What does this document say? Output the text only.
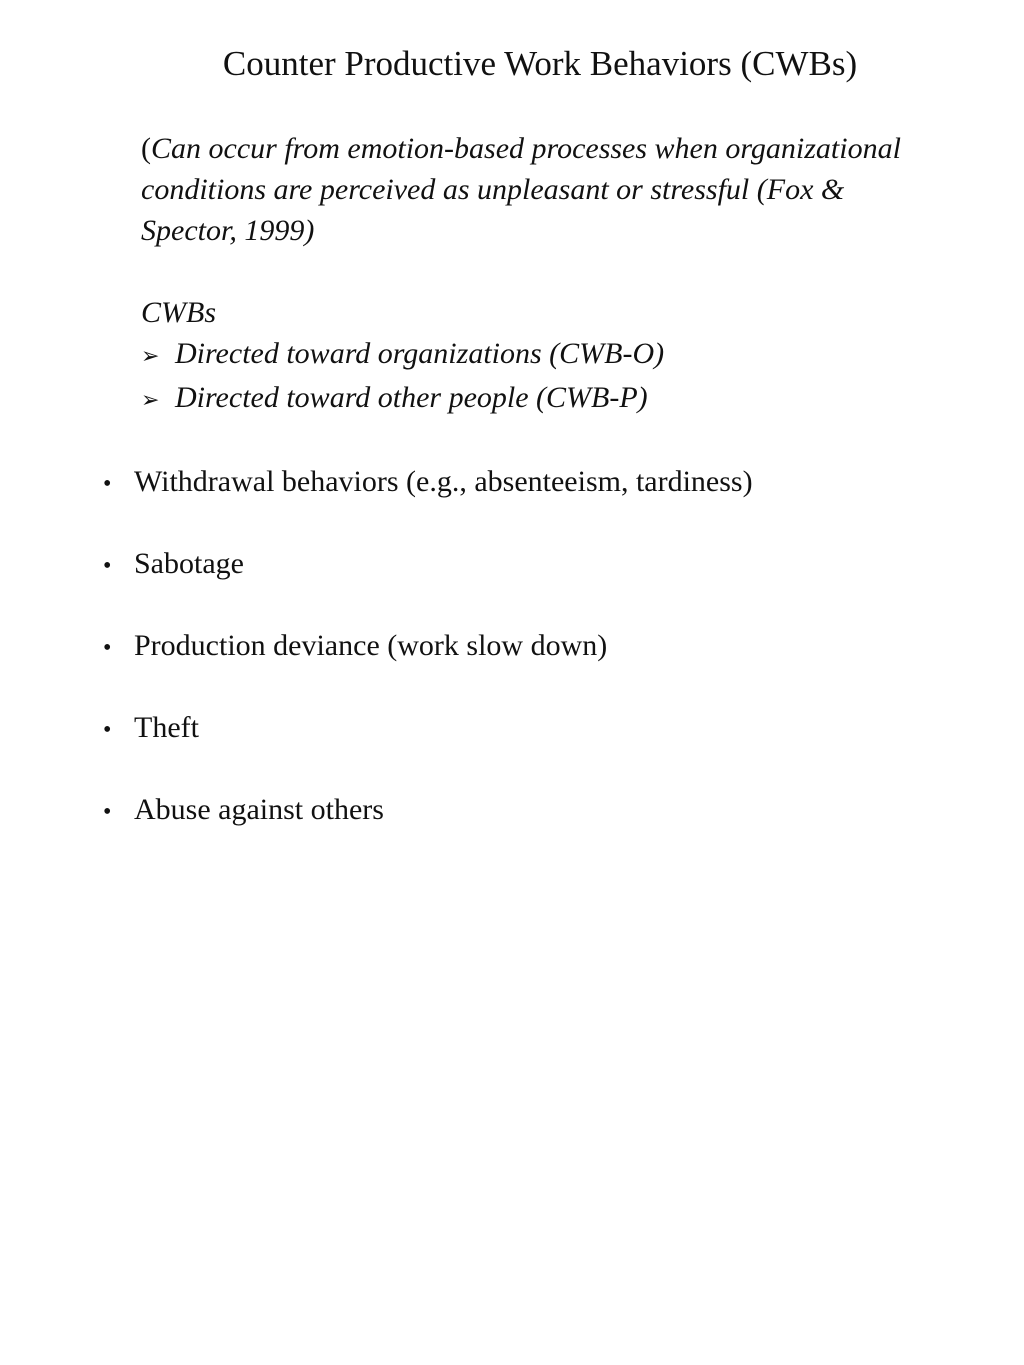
Counter Productive Work Behaviors (CWBs)
(Can occur from emotion-based processes when organizational
conditions are perceived as unpleasant or stressful (Fox &
Spector, 1999)
CWBs
➢ Directed toward organizations (CWB-O)
➢ Directed toward other people (CWB-P)
• Withdrawal behaviors (e.g., absenteeism, tardiness)
• Sabotage
• Production deviance (work slow down)
• Theft
• Abuse against others
